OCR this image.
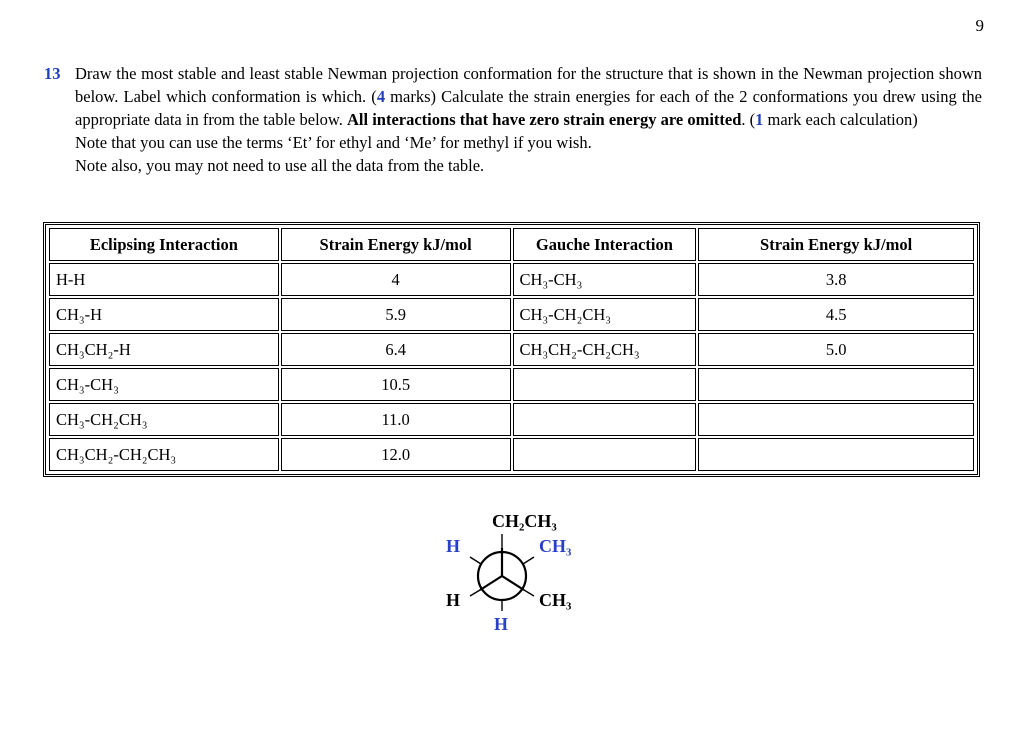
9
13 Draw the most stable and least stable Newman projection conformation for the structure that is shown in the Newman projection shown below. Label which conformation is which. (4 marks) Calculate the strain energies for each of the 2 conformations you drew using the appropriate data in from the table below. All interactions that have zero strain energy are omitted. (1 mark each calculation)

Note that you can use the terms ‘Et’ for ethyl and ‘Me’ for methyl if you wish.

Note also, you may not need to use all the data from the table.

Eclipsing Interaction	Strain Energy kJ/mol	Gauche Interaction	Strain Energy kJ/mol
H-H	4	CH₃-CH₃	3.8
CH₃-H	5.9	CH₃-CH₂CH₃	4.5
CH₃CH₂-H	6.4	CH₃CH₂-CH₂CH₃	5.0
CH₃-CH₃	10.5		
CH₃-CH₂CH₃	11.0		
CH₃CH₂-CH₂CH₃	12.0		
CH₂CH₃
H	CH₃
H	CH₃
H
